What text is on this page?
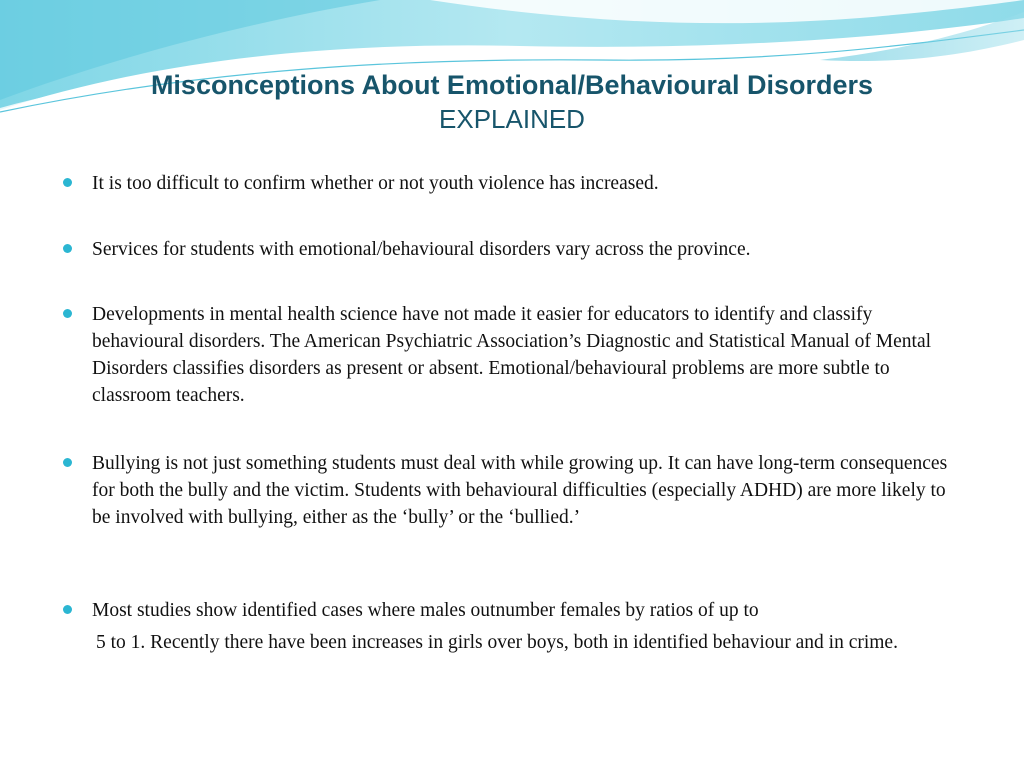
Misconceptions About Emotional/Behavioural Disorders
EXPLAINED
It is too difficult to confirm whether or not youth violence has increased.
Services for students with emotional/behavioural disorders vary across the province.
Developments in mental health science have not made it easier for educators to identify and classify behavioural disorders. The American Psychiatric Association’s Diagnostic and Statistical Manual of Mental Disorders classifies disorders as present or absent. Emotional/behavioural problems are more subtle to classroom teachers.
Bullying is not just something students must deal with while growing up. It can have long-term consequences for both the bully and the victim. Students with behavioural difficulties (especially ADHD) are more likely to be involved with bullying, either as the ‘bully’ or the ‘bullied.’
Most studies show identified cases where males outnumber females by ratios of up to
5 to 1. Recently there have been increases in girls over boys, both in identified behaviour and in crime.
